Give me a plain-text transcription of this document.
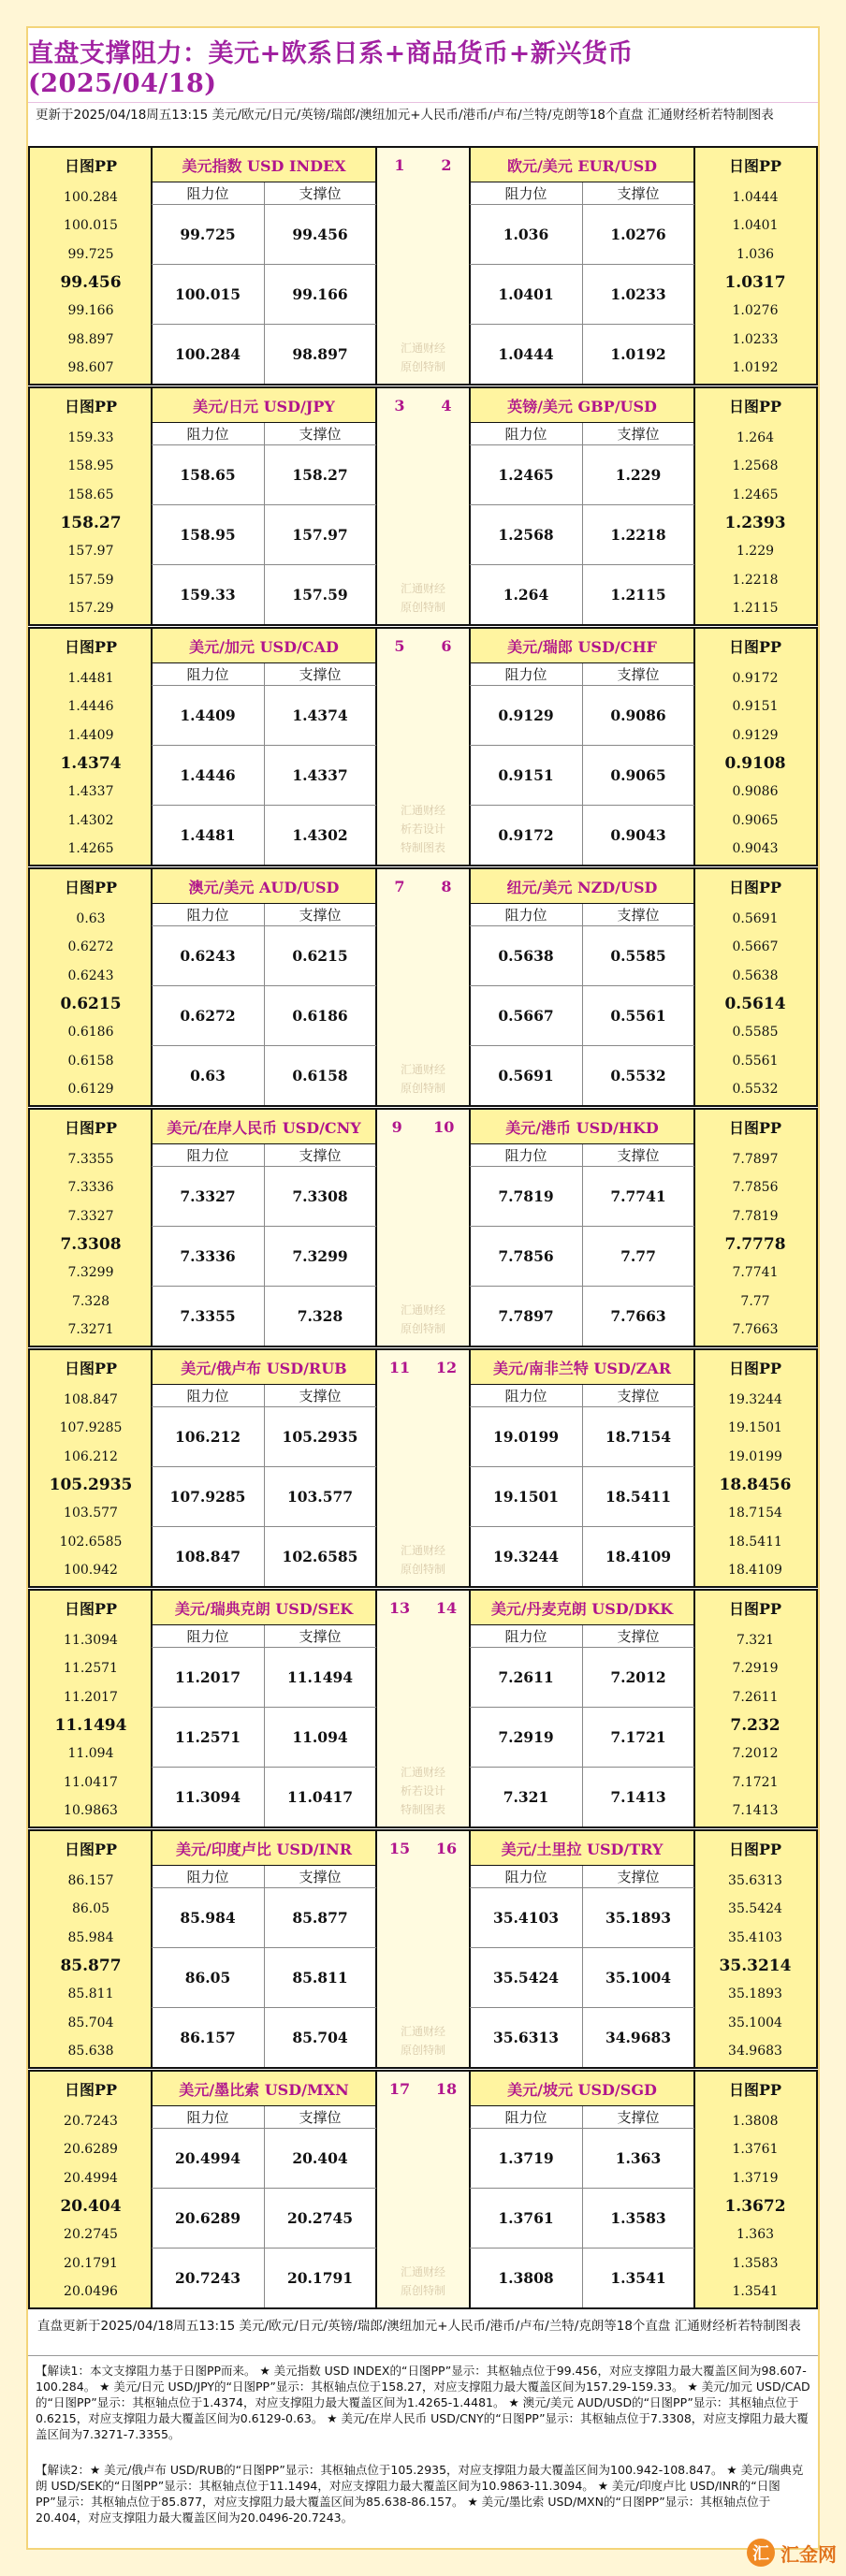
直盘支撑阻力：美元+欧系日系+商品货币+新兴货币(2025/04/18)
更新于2025/04/18周五13:15 美元/欧元/日元/英镑/瑞郎/澳纽加元+人民币/港币/卢布/兰特/克朗等18个直盘 汇通财经析若特制图表
日图PP	日图PP
美元指数 USD INDEX	欧元/美元 EUR/USD
1 2
阻力位	支撑位	阻力位	支撑位
99.725	99.456	1.036	1.0276
100.015	99.166	1.0401	1.0233
100.284	98.897	1.0444	1.0192
100.284
100.015
99.725
99.456
99.166
98.897
98.607
1.0444
1.0401
1.036
1.0317
1.0276
1.0233
1.0192
汇通财经
原创特制
日图PP	日图PP
美元/日元 USD/JPY	英镑/美元 GBP/USD
3 4
阻力位	支撑位	阻力位	支撑位
158.65	158.27	1.2465	1.229
158.95	157.97	1.2568	1.2218
159.33	157.59	1.264	1.2115
159.33
158.95
158.65
158.27
157.97
157.59
157.29
1.264
1.2568
1.2465
1.2393
1.229
1.2218
1.2115
汇通财经
原创特制
日图PP	日图PP
美元/加元 USD/CAD	美元/瑞郎 USD/CHF
5 6
阻力位	支撑位	阻力位	支撑位
1.4409	1.4374	0.9129	0.9086
1.4446	1.4337	0.9151	0.9065
1.4481	1.4302	0.9172	0.9043
1.4481
1.4446
1.4409
1.4374
1.4337
1.4302
1.4265
0.9172
0.9151
0.9129
0.9108
0.9086
0.9065
0.9043
汇通财经
析若设计
特制图表
日图PP	日图PP
澳元/美元 AUD/USD	纽元/美元 NZD/USD
7 8
阻力位	支撑位	阻力位	支撑位
0.6243	0.6215	0.5638	0.5585
0.6272	0.6186	0.5667	0.5561
0.63	0.6158	0.5691	0.5532
0.63
0.6272
0.6243
0.6215
0.6186
0.6158
0.6129
0.5691
0.5667
0.5638
0.5614
0.5585
0.5561
0.5532
汇通财经
原创特制
日图PP	日图PP
美元/在岸人民币 USD/CNY	美元/港币 USD/HKD
9 10
阻力位	支撑位	阻力位	支撑位
7.3327	7.3308	7.7819	7.7741
7.3336	7.3299	7.7856	7.77
7.3355	7.328	7.7897	7.7663
7.3355
7.3336
7.3327
7.3308
7.3299
7.328
7.3271
7.7897
7.7856
7.7819
7.7778
7.7741
7.77
7.7663
汇通财经
原创特制
日图PP	日图PP
美元/俄卢布 USD/RUB	美元/南非兰特 USD/ZAR
11 12
阻力位	支撑位	阻力位	支撑位
106.212	105.2935	19.0199	18.7154
107.9285	103.577	19.1501	18.5411
108.847	102.6585	19.3244	18.4109
108.847
107.9285
106.212
105.2935
103.577
102.6585
100.942
19.3244
19.1501
19.0199
18.8456
18.7154
18.5411
18.4109
汇通财经
原创特制
日图PP	日图PP
美元/瑞典克朗 USD/SEK	美元/丹麦克朗 USD/DKK
13 14
阻力位	支撑位	阻力位	支撑位
11.2017	11.1494	7.2611	7.2012
11.2571	11.094	7.2919	7.1721
11.3094	11.0417	7.321	7.1413
11.3094
11.2571
11.2017
11.1494
11.094
11.0417
10.9863
7.321
7.2919
7.2611
7.232
7.2012
7.1721
7.1413
汇通财经
析若设计
特制图表
日图PP	日图PP
美元/印度卢比 USD/INR	美元/土里拉 USD/TRY
15 16
阻力位	支撑位	阻力位	支撑位
85.984	85.877	35.4103	35.1893
86.05	85.811	35.5424	35.1004
86.157	85.704	35.6313	34.9683
86.157
86.05
85.984
85.877
85.811
85.704
85.638
35.6313
35.5424
35.4103
35.3214
35.1893
35.1004
34.9683
汇通财经
原创特制
日图PP	日图PP
美元/墨比索 USD/MXN	美元/坡元 USD/SGD
17 18
阻力位	支撑位	阻力位	支撑位
20.4994	20.404	1.3719	1.363
20.6289	20.2745	1.3761	1.3583
20.7243	20.1791	1.3808	1.3541
20.7243
20.6289
20.4994
20.404
20.2745
20.1791
20.0496
1.3808
1.3761
1.3719
1.3672
1.363
1.3583
1.3541
汇通财经
原创特制
直盘更新于2025/04/18周五13:15 美元/欧元/日元/英镑/瑞郎/澳纽加元+人民币/港币/卢布/兰特/克朗等18个直盘 汇通财经析若特制图表
【解读1：本文支撑阻力基于日图PP而来。 ★ 美元指数 USD INDEX的“日图PP”显示：其枢轴点位于99.456，对应支撑阻力最大覆盖区间为98.607-100.284。 ★ 美元/日元 USD/JPY的“日图PP”显示：其枢轴点位于158.27，对应支撑阻力最大覆盖区间为157.29-159.33。 ★ 美元/加元 USD/CAD的“日图PP”显示：其枢轴点位于1.4374，对应支撑阻力最大覆盖区间为1.4265-1.4481。 ★ 澳元/美元 AUD/USD的“日图PP”显示：其枢轴点位于0.6215，对应支撑阻力最大覆盖区间为0.6129-0.63。 ★ 美元/在岸人民币 USD/CNY的“日图PP”显示：其枢轴点位于7.3308，对应支撑阻力最大覆盖区间为7.3271-7.3355。
【解读2：★ 美元/俄卢布 USD/RUB的“日图PP”显示：其枢轴点位于105.2935，对应支撑阻力最大覆盖区间为100.942-108.847。 ★ 美元/瑞典克朗 USD/SEK的“日图PP”显示：其枢轴点位于11.1494，对应支撑阻力最大覆盖区间为10.9863-11.3094。 ★ 美元/印度卢比 USD/INR的“日图PP”显示：其枢轴点位于85.877，对应支撑阻力最大覆盖区间为85.638-86.157。 ★ 美元/墨比索 USD/MXN的“日图PP”显示：其枢轴点位于20.404，对应支撑阻力最大覆盖区间为20.0496-20.7243。
汇 汇金网
